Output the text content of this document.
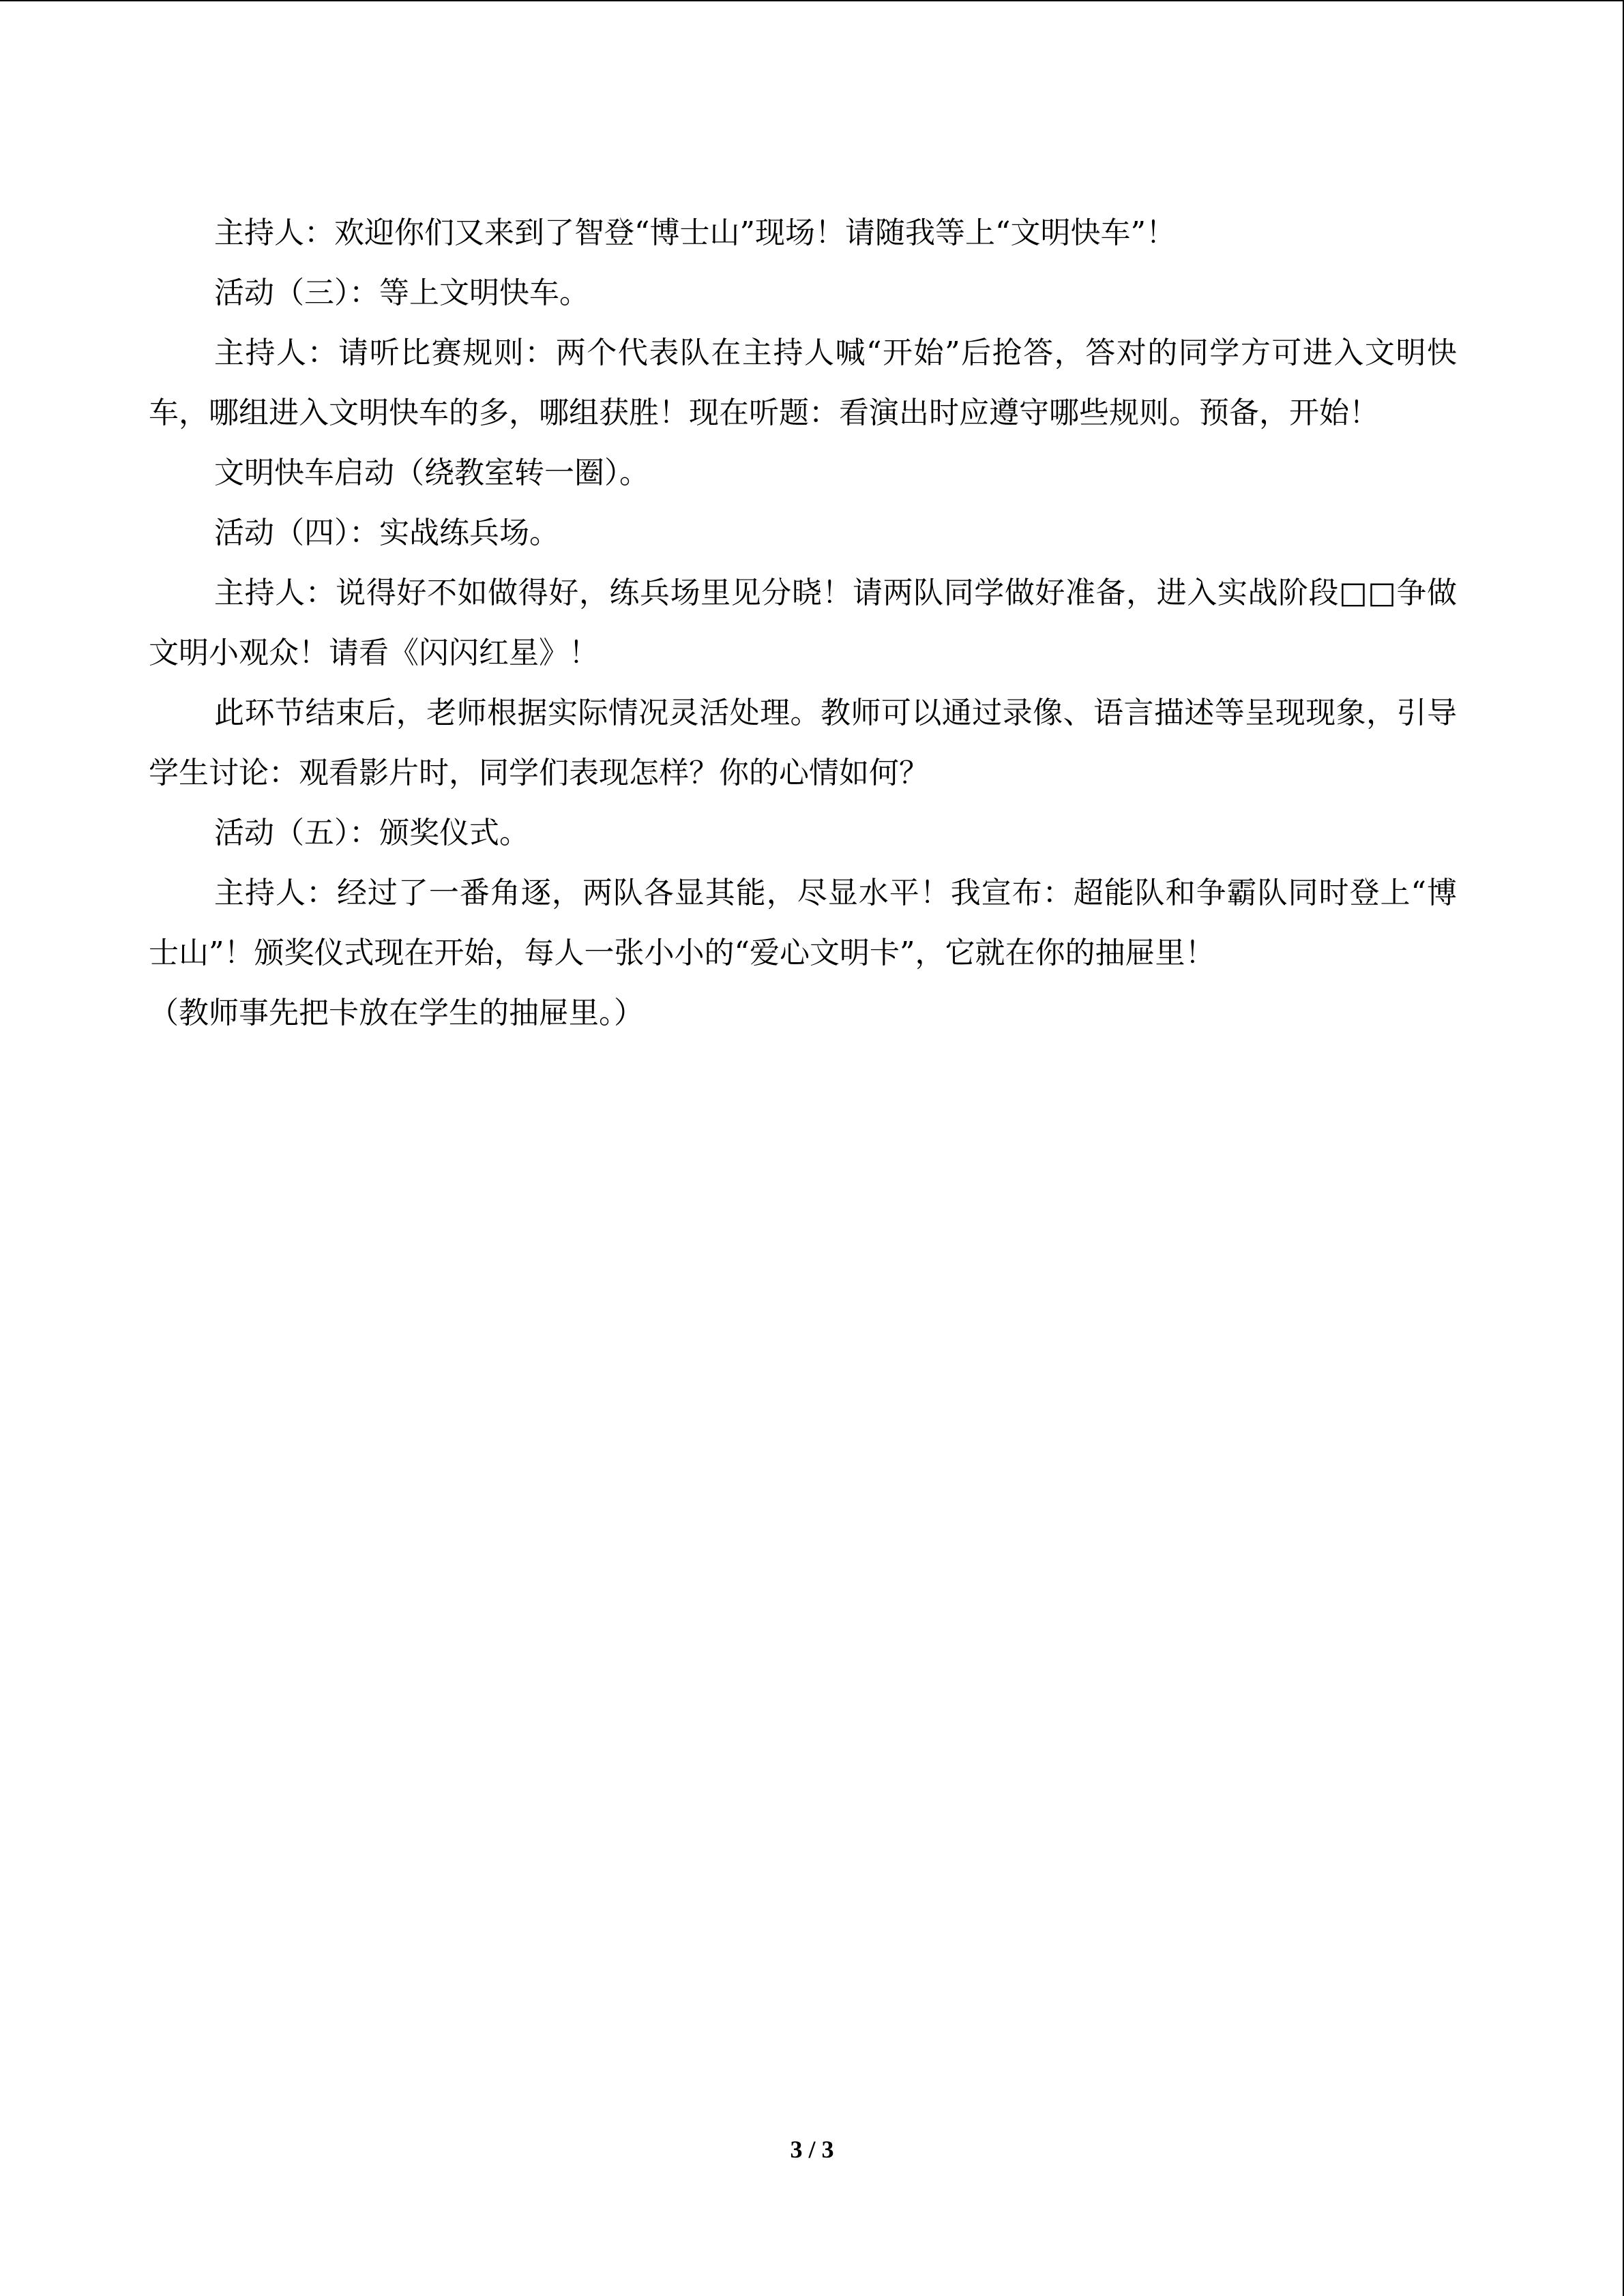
主持人：欢迎你们又来到了智登“博士山”现场！请随我等上“文明快车”！

活动（三）：等上文明快车。

主持人：请听比赛规则：两个代表队在主持人喊“开始”后抢答，答对的同学方可进入文明快车，哪组进入文明快车的多，哪组获胜！现在听题：看演出时应遵守哪些规则。预备，开始！

文明快车启动（绕教室转一圈）。

活动（四）：实战练兵场。

主持人：说得好不如做得好，练兵场里见分晓！请两队同学做好准备，进入实战阶段□□争做文明小观众！请看《闪闪红星》！

此环节结束后，老师根据实际情况灵活处理。教师可以通过录像、语言描述等呈现现象，引导学生讨论：观看影片时，同学们表现怎样？你的心情如何？

活动（五）：颁奖仪式。

主持人：经过了一番角逐，两队各显其能，尽显水平！我宣布：超能队和争霸队同时登上“博士山”！颁奖仪式现在开始，每人一张小小的“爱心文明卡”，它就在你的抽屉里！

（教师事先把卡放在学生的抽屉里。）

3 / 3
